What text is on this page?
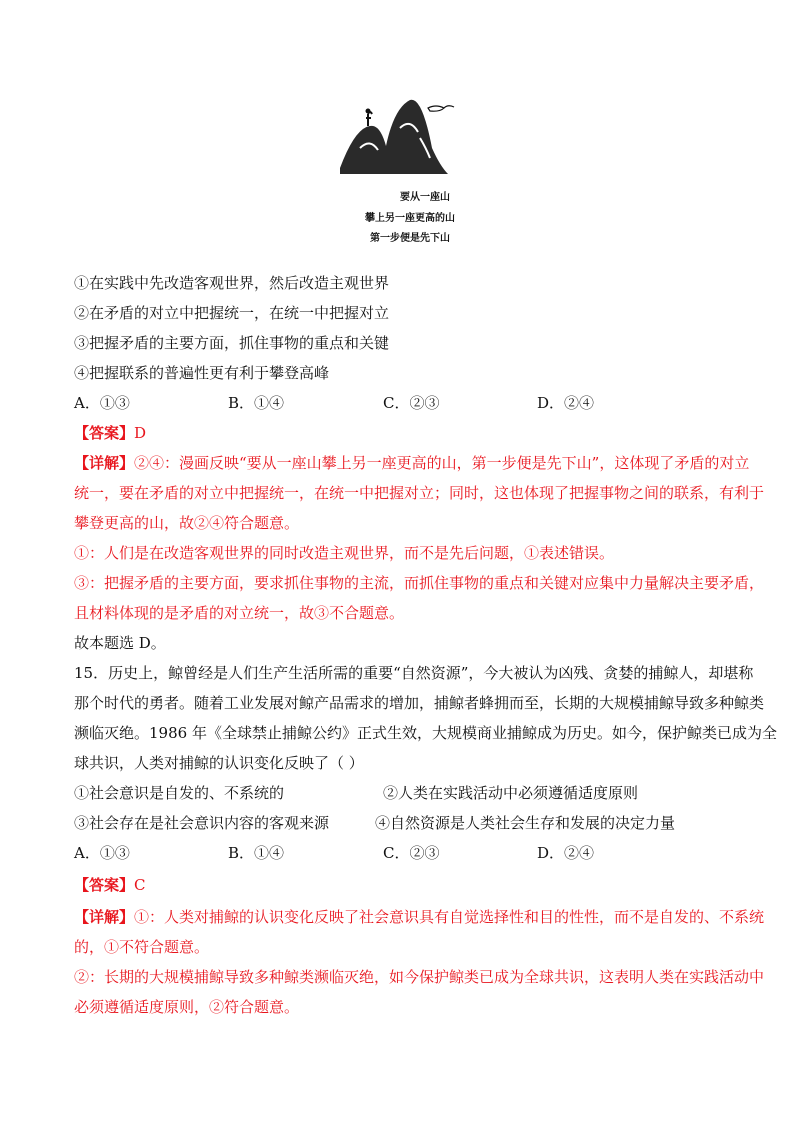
要从一座山
攀上另一座更高的山
第一步便是先下山
①在实践中先改造客观世界，然后改造主观世界
②在矛盾的对立中把握统一，在统一中把握对立
③把握矛盾的主要方面，抓住事物的重点和关键
④把握联系的普遍性更有利于攀登高峰
A．①③	B．①④	C．②③	D．②④
【答案】D
【详解】②④：漫画反映“要从一座山攀上另一座更高的山，第一步便是先下山”，这体现了矛盾的对立
统一，要在矛盾的对立中把握统一，在统一中把握对立；同时，这也体现了把握事物之间的联系，有利于
攀登更高的山，故②④符合题意。
①：人们是在改造客观世界的同时改造主观世界，而不是先后问题，①表述错误。
③：把握矛盾的主要方面，要求抓住事物的主流，而抓住事物的重点和关键对应集中力量解决主要矛盾，
且材料体现的是矛盾的对立统一，故③不合题意。
故本题选 D。
15．历史上，鲸曾经是人们生产生活所需的重要“自然资源”，今大被认为凶残、贪婪的捕鲸人，却堪称
那个时代的勇者。随着工业发展对鲸产品需求的增加，捕鲸者蜂拥而至，长期的大规模捕鲸导致多种鲸类
濒临灭绝。1986 年《全球禁止捕鲸公约》正式生效，大规模商业捕鲸成为历史。如今，保护鲸类已成为全
球共识，人类对捕鲸的认识变化反映了（ ）
①社会意识是自发的、不系统的	②人类在实践活动中必须遵循适度原则
③社会存在是社会意识内容的客观来源	④自然资源是人类社会生存和发展的决定力量
A．①③	B．①④	C．②③	D．②④
【答案】C
【详解】①：人类对捕鲸的认识变化反映了社会意识具有自觉选择性和目的性性，而不是自发的、不系统
的，①不符合题意。
②：长期的大规模捕鲸导致多种鲸类濒临灭绝，如今保护鲸类已成为全球共识，这表明人类在实践活动中
必须遵循适度原则，②符合题意。
